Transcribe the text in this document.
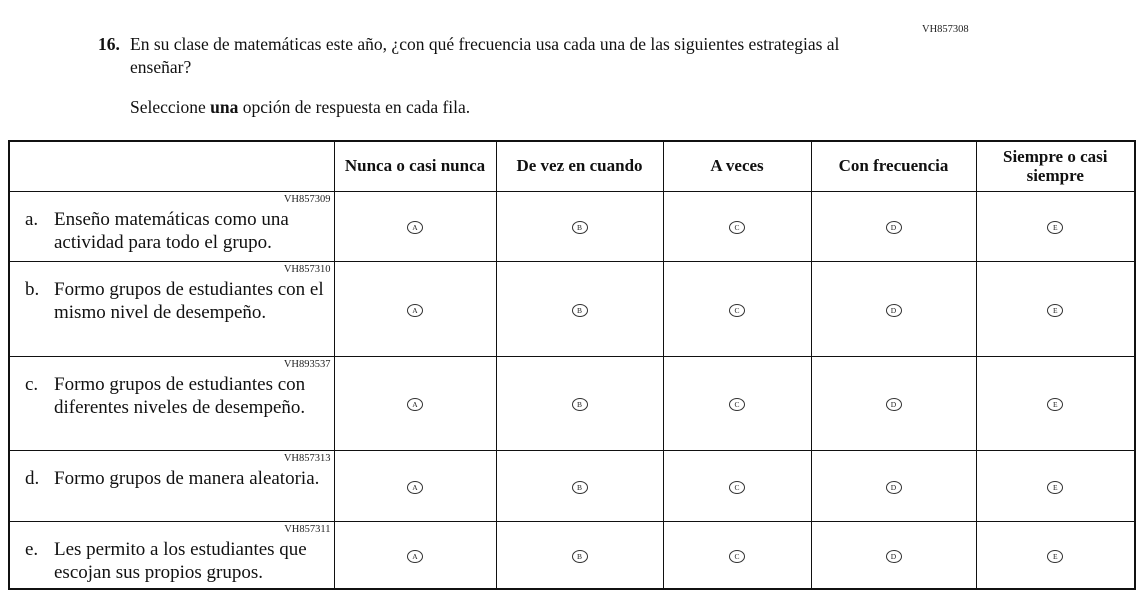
VH857308
16. En su clase de matemáticas este año, ¿con qué frecuencia usa cada una de las siguientes estrategias al enseñar?
Seleccione una opción de respuesta en cada fila.
	Nunca o casi nunca	De vez en cuando	A veces	Con frecuencia	Siempre o casi siempre

VH857309
a. Enseño matemáticas como una actividad para todo el grupo.	A	B	C	D	E

VH857310
b. Formo grupos de estudiantes con el mismo nivel de desempeño.	A	B	C	D	E

VH893537
c. Formo grupos de estudiantes con diferentes niveles de desempeño.	A	B	C	D	E

VH857313
d. Formo grupos de manera aleatoria.	A	B	C	D	E

VH857311
e. Les permito a los estudiantes que escojan sus propios grupos.	A	B	C	D	E
